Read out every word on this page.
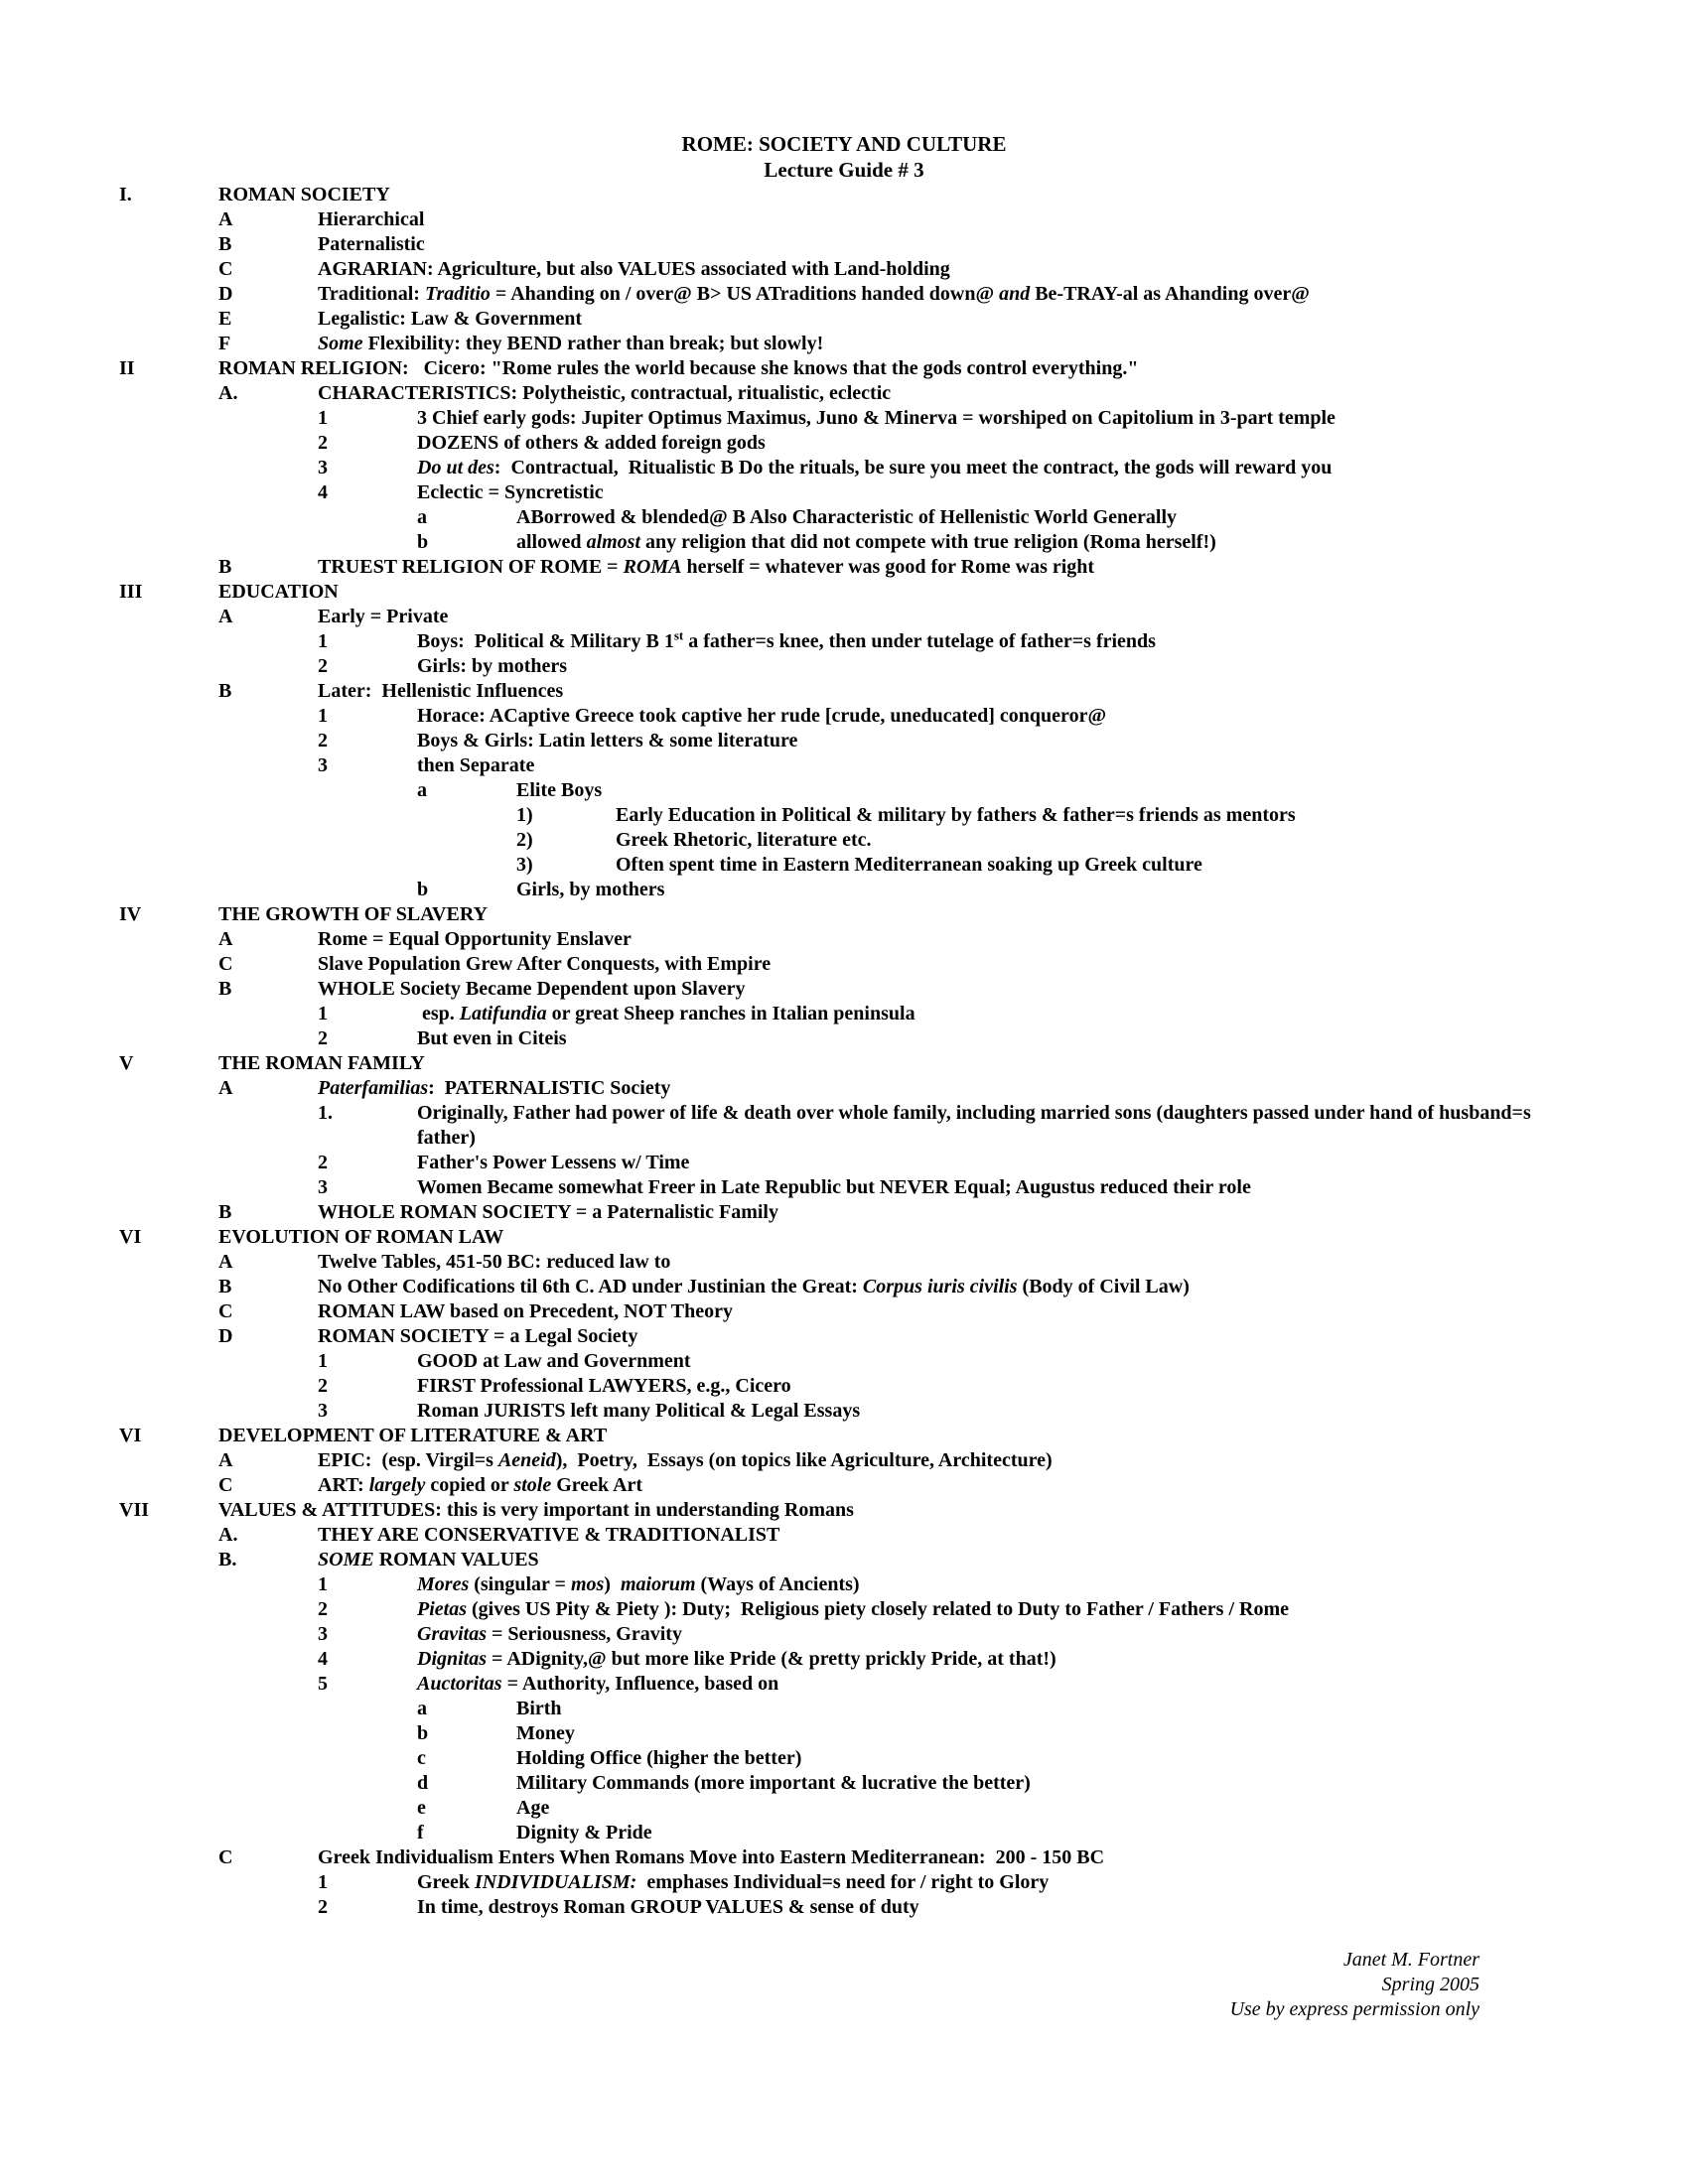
ROME: SOCIETY AND CULTURE
Lecture Guide # 3
I.	ROMAN SOCIETY
A	Hierarchical
B	Paternalistic
C	AGRARIAN: Agriculture, but also VALUES associated with Land-holding
D	Traditional: Traditio = Ahanding on / over@ B> US ATraditions handed down@ and Be-TRAY-al as Ahanding over@
E	Legalistic: Law & Government
F	Some Flexibility: they BEND rather than break; but slowly!
II	ROMAN RELIGION:   Cicero: "Rome rules the world because she knows that the gods control everything."
A.	CHARACTERISTICS: Polytheistic, contractual, ritualistic, eclectic
1	3 Chief early gods: Jupiter Optimus Maximus, Juno & Minerva = worshiped on Capitolium in 3-part temple
2	DOZENS of others & added foreign gods
3	Do ut des:  Contractual,  Ritualistic B Do the rituals, be sure you meet the contract, the gods will reward you
4	Eclectic = Syncretistic
a	ABorrowed & blended@ B Also Characteristic of Hellenistic World Generally
b	allowed almost any religion that did not compete with true religion (Roma herself!)
B	TRUEST RELIGION OF ROME = ROMA herself = whatever was good for Rome was right
III	EDUCATION
A	Early = Private
1	Boys:  Political & Military B 1st a father=s knee, then under tutelage of father=s friends
2	Girls: by mothers
B	Later:  Hellenistic Influences
1	Horace: ACaptive Greece took captive her rude [crude, uneducated] conqueror@
2	Boys & Girls: Latin letters & some literature
3	then Separate
a	Elite Boys
1)	Early Education in Political & military by fathers & father=s friends as mentors
2)	Greek Rhetoric, literature etc.
3)	Often spent time in Eastern Mediterranean soaking up Greek culture
b	Girls, by mothers
IV	THE GROWTH OF SLAVERY
A	Rome = Equal Opportunity Enslaver
C	Slave Population Grew After Conquests, with Empire
B	WHOLE Society Became Dependent upon Slavery
1	esp. Latifundia or great Sheep ranches in Italian peninsula
2	But even in Citeis
V	THE ROMAN FAMILY
A	Paterfamilias:  PATERNALISTIC Society
1.	Originally, Father had power of life & death over whole family, including married sons (daughters passed under hand of husband=s father)
2	Father's Power Lessens w/ Time
3	Women Became somewhat Freer in Late Republic but NEVER Equal; Augustus reduced their role
B	WHOLE ROMAN SOCIETY = a Paternalistic Family
VI	EVOLUTION OF ROMAN LAW
A	Twelve Tables, 451-50 BC: reduced law to
B	No Other Codifications til 6th C. AD under Justinian the Great: Corpus iuris civilis (Body of Civil Law)
C	ROMAN LAW based on Precedent, NOT Theory
D	ROMAN SOCIETY = a Legal Society
1	GOOD at Law and Government
2	FIRST Professional LAWYERS, e.g., Cicero
3	Roman JURISTS left many Political & Legal Essays
VI	DEVELOPMENT OF LITERATURE & ART
A	EPIC:  (esp. Virgil=s Aeneid),  Poetry,  Essays (on topics like Agriculture, Architecture)
C	ART: largely copied or stole Greek Art
VII	VALUES & ATTITUDES: this is very important in understanding Romans
A.	THEY ARE CONSERVATIVE & TRADITIONALIST
B.	SOME ROMAN VALUES
1	Mores (singular = mos)  maiorum (Ways of Ancients)
2	Pietas (gives US Pity & Piety ): Duty;  Religious piety closely related to Duty to Father / Fathers / Rome
3	Gravitas = Seriousness, Gravity
4	Dignitas = ADignity,@ but more like Pride (& pretty prickly Pride, at that!)
5	Auctoritas = Authority, Influence, based on
a	Birth
b	Money
c	Holding Office (higher the better)
d	Military Commands (more important & lucrative the better)
e	Age
f	Dignity & Pride
C	Greek Individualism Enters When Romans Move into Eastern Mediterranean:  200 - 150 BC
1	Greek INDIVIDUALISM:  emphases Individual=s need for / right to Glory
2	In time, destroys Roman GROUP VALUES & sense of duty
Janet M. Fortner
Spring 2005
Use by express permission only
